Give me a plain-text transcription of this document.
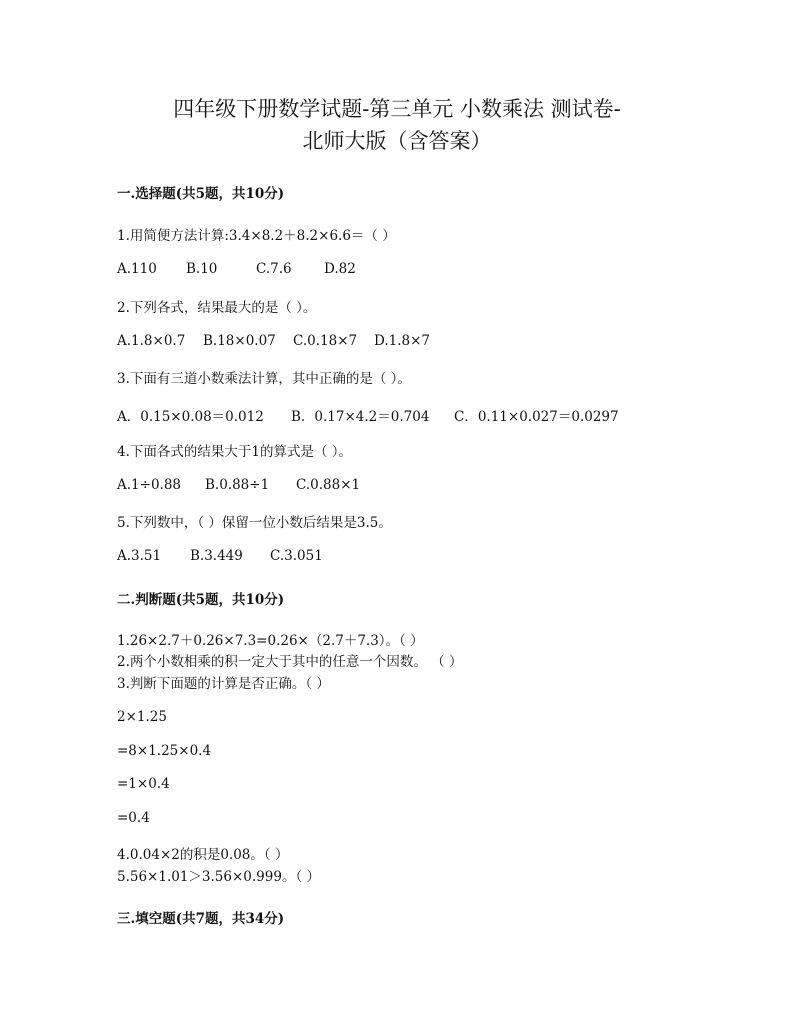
四年级下册数学试题-第三单元 小数乘法 测试卷-
北师大版（含答案）
一.选择题(共5题，共10分)
1.用简便方法计算:3.4×8.2＋8.2×6.6＝（ ）
A.110 B.10	C.7.6 D.82
2.下列各式，结果最大的是（ ）。
A.1.8×0.7 B.18×0.07 C.0.18×7 D.1.8×7
3.下面有三道小数乘法计算，其中正确的是（ ）。
A．0.15×0.08＝0.012 B．0.17×4.2＝0.704 C．0.11×0.027＝0.0297
4.下面各式的结果大于1的算式是（ ）。
A.1÷0.88 B.0.88÷1 C.0.88×1
5.下列数中，（ ）保留一位小数后结果是3.5。
A.3.51 B.3.449 C.3.051
二.判断题(共5题，共10分)
1.26×2.7＋0.26×7.3=0.26×（2.7＋7.3）。（ ）
2.两个小数相乘的积一定大于其中的任意一个因数。 （ ）
3.判断下面题的计算是否正确。（ ）
2×1.25
=8×1.25×0.4
=1×0.4
=0.4
4.0.04×2的积是0.08。（ ）
5.56×1.01＞3.56×0.999。（ ）
三.填空题(共7题，共34分)
